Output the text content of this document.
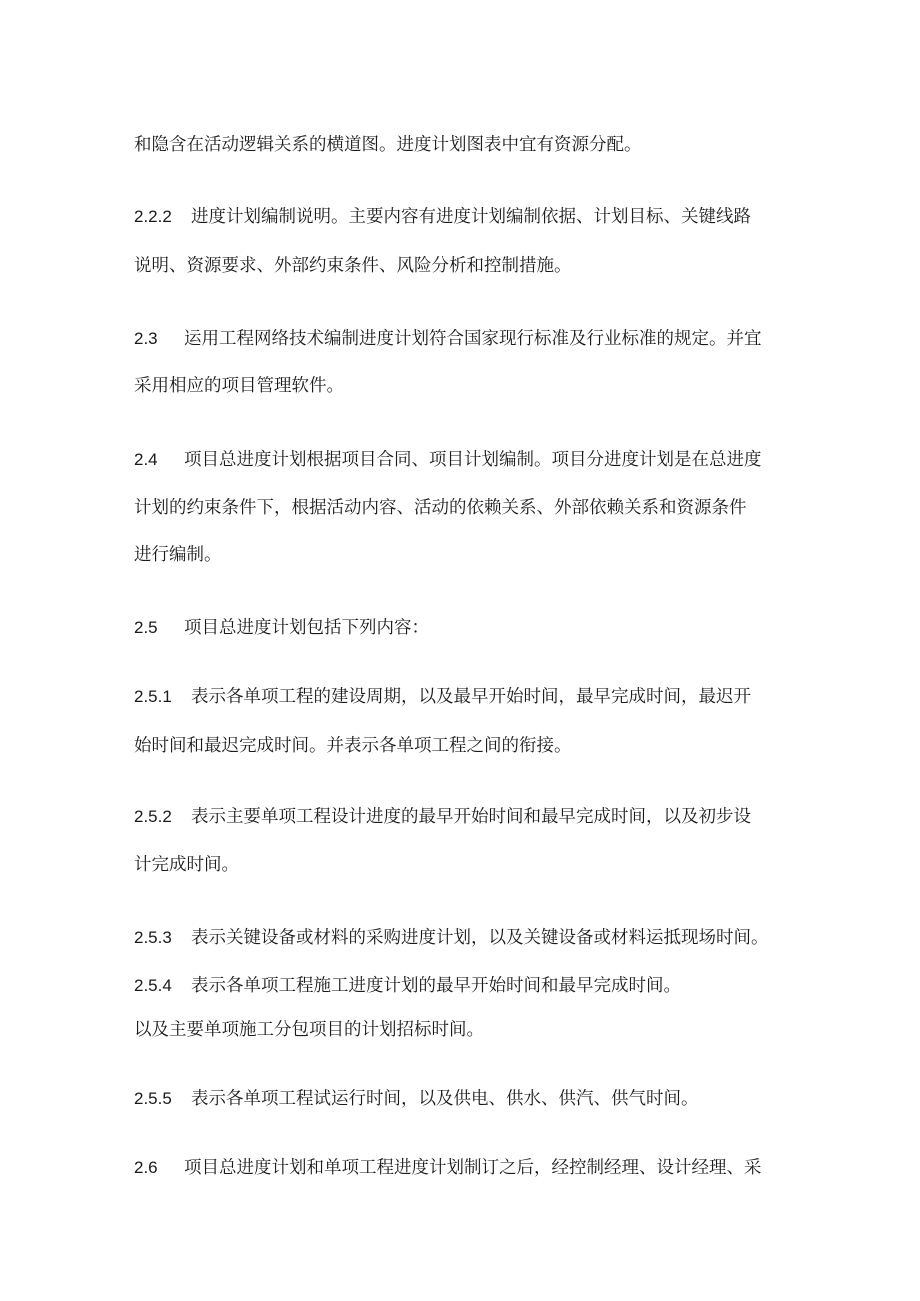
和隐含在活动逻辑关系的横道图。进度计划图表中宜有资源分配。
2.2.2 进度计划编制说明。主要内容有进度计划编制依据、计划目标、关键线路
说明、资源要求、外部约束条件、风险分析和控制措施。
2.3 运用工程网络技术编制进度计划符合国家现行标准及行业标准的规定。并宜
采用相应的项目管理软件。
2.4 项目总进度计划根据项目合同、项目计划编制。项目分进度计划是在总进度
计划的约束条件下，根据活动内容、活动的依赖关系、外部依赖关系和资源条件
进行编制。
2.5 项目总进度计划包括下列内容：
2.5.1 表示各单项工程的建设周期，以及最早开始时间，最早完成时间，最迟开
始时间和最迟完成时间。并表示各单项工程之间的衔接。
2.5.2 表示主要单项工程设计进度的最早开始时间和最早完成时间，以及初步设
计完成时间。
2.5.3 表示关键设备或材料的采购进度计划，以及关键设备或材料运抵现场时间。
2.5.4 表示各单项工程施工进度计划的最早开始时间和最早完成时间。
以及主要单项施工分包项目的计划招标时间。
2.5.5 表示各单项工程试运行时间，以及供电、供水、供汽、供气时间。
2.6 项目总进度计划和单项工程进度计划制订之后，经控制经理、设计经理、采
